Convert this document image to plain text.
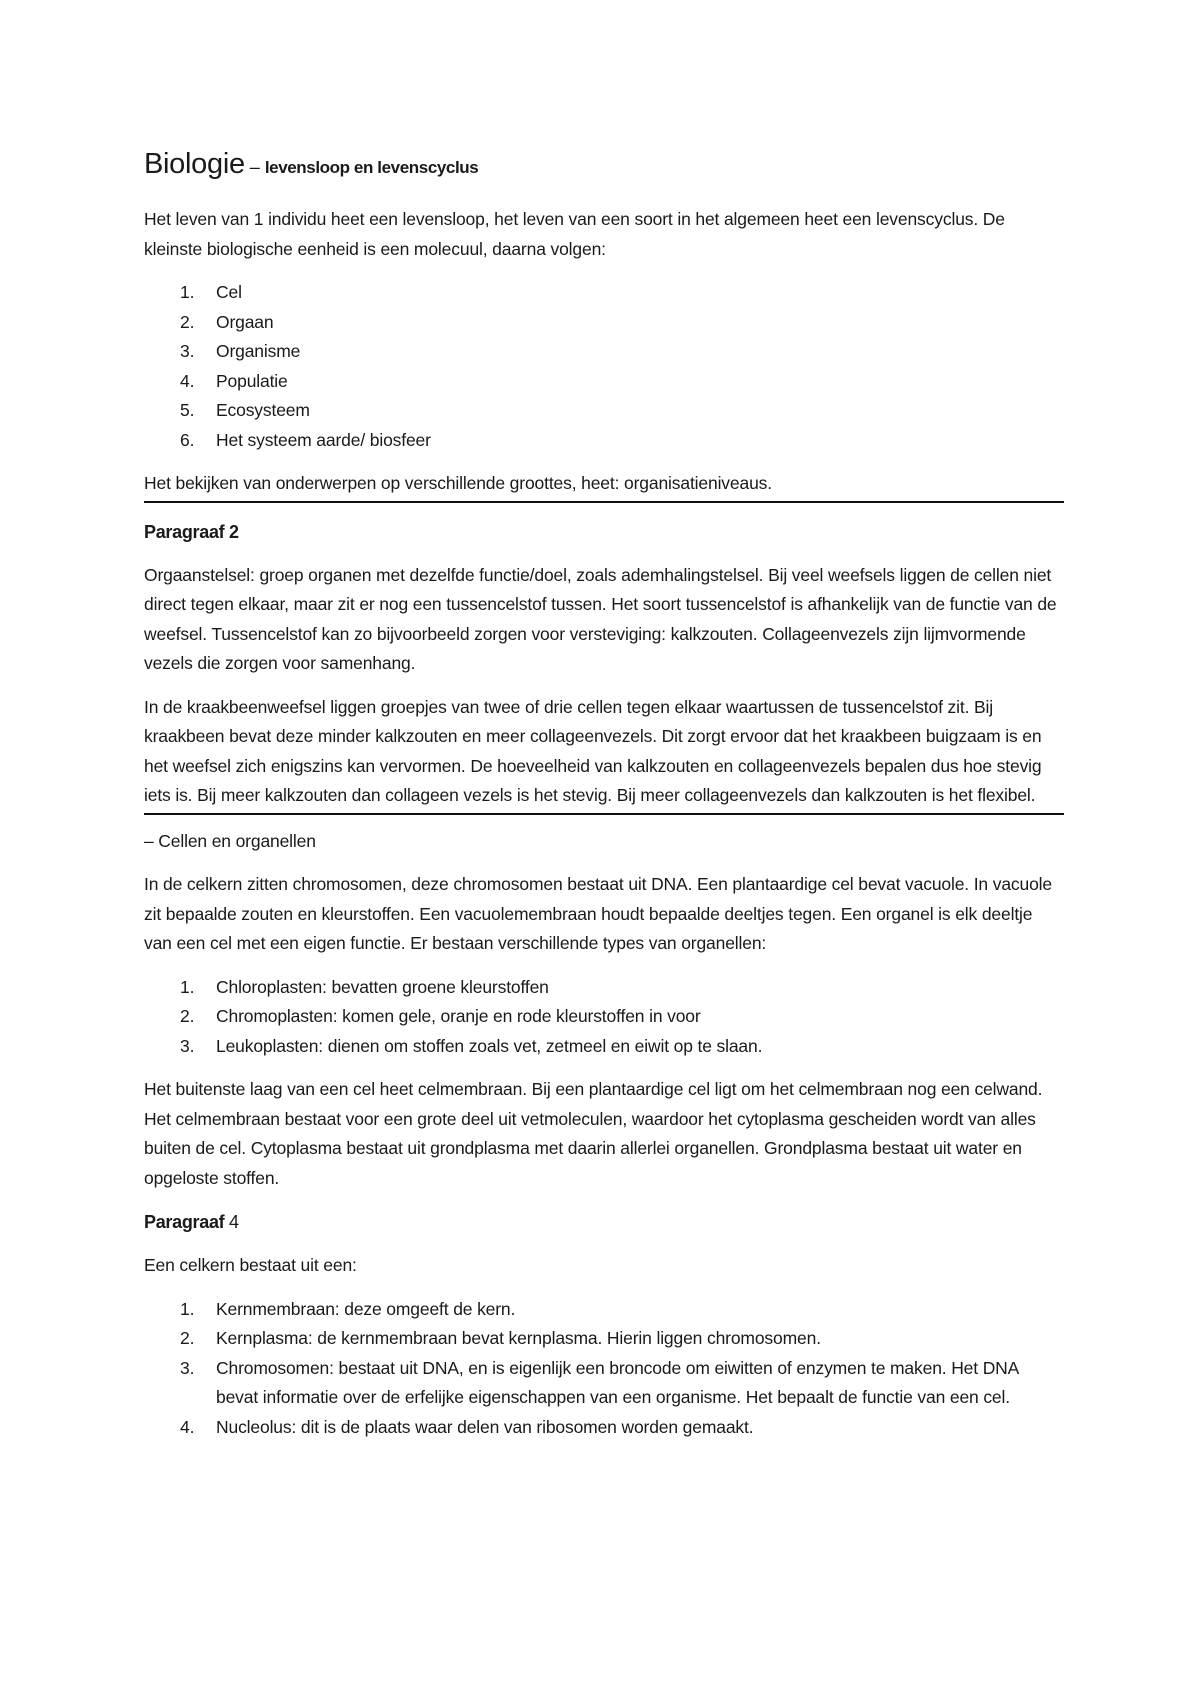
Biologie – levensloop en levenscyclus

Het leven van 1 individu heet een levensloop, het leven van een soort in het algemeen heet een levenscyclus. De kleinste biologische eenheid is een molecuul, daarna volgen:

1.	Cel
2.	Orgaan
3.	Organisme
4.	Populatie
5.	Ecosysteem
6.	Het systeem aarde/ biosfeer

Het bekijken van onderwerpen op verschillende groottes, heet: organisatieniveaus.

Paragraaf 2

Orgaanstelsel: groep organen met dezelfde functie/doel, zoals ademhalingstelsel. Bij veel weefsels liggen de cellen niet direct tegen elkaar, maar zit er nog een tussencelstof tussen. Het soort tussencelstof is afhankelijk van de functie van de weefsel. Tussencelstof kan zo bijvoorbeeld zorgen voor versteviging: kalkzouten. Collageenvezels zijn lijmvormende vezels die zorgen voor samenhang.

In de kraakbeenweefsel liggen groepjes van twee of drie cellen tegen elkaar waartussen de tussencelstof zit. Bij kraakbeen bevat deze minder kalkzouten en meer collageenvezels. Dit zorgt ervoor dat het kraakbeen buigzaam is en het weefsel zich enigszins kan vervormen. De hoeveelheid van kalkzouten en collageenvezels bepalen dus hoe stevig iets is. Bij meer kalkzouten dan collageen vezels is het stevig. Bij meer collageenvezels dan kalkzouten is het flexibel.

– Cellen en organellen

In de celkern zitten chromosomen, deze chromosomen bestaat uit DNA. Een plantaardige cel bevat vacuole. In vacuole zit bepaalde zouten en kleurstoffen. Een vacuolemembraan houdt bepaalde deeltjes tegen. Een organel is elk deeltje van een cel met een eigen functie. Er bestaan verschillende types van organellen:

1.	Chloroplasten: bevatten groene kleurstoffen
2.	Chromoplasten: komen gele, oranje en rode kleurstoffen in voor
3.	Leukoplasten: dienen om stoffen zoals vet, zetmeel en eiwit op te slaan.

Het buitenste laag van een cel heet celmembraan. Bij een plantaardige cel ligt om het celmembraan nog een celwand. Het celmembraan bestaat voor een grote deel uit vetmoleculen, waardoor het cytoplasma gescheiden wordt van alles buiten de cel. Cytoplasma bestaat uit grondplasma met daarin allerlei organellen. Grondplasma bestaat uit water en opgeloste stoffen.

Paragraaf 4

Een celkern bestaat uit een:

1.	Kernmembraan: deze omgeeft de kern.
2.	Kernplasma: de kernmembraan bevat kernplasma. Hierin liggen chromosomen.
3.	Chromosomen: bestaat uit DNA, en is eigenlijk een broncode om eiwitten of enzymen te maken. Het DNA bevat informatie over de erfelijke eigenschappen van een organisme. Het bepaalt de functie van een cel.
4.	Nucleolus: dit is de plaats waar delen van ribosomen worden gemaakt.
